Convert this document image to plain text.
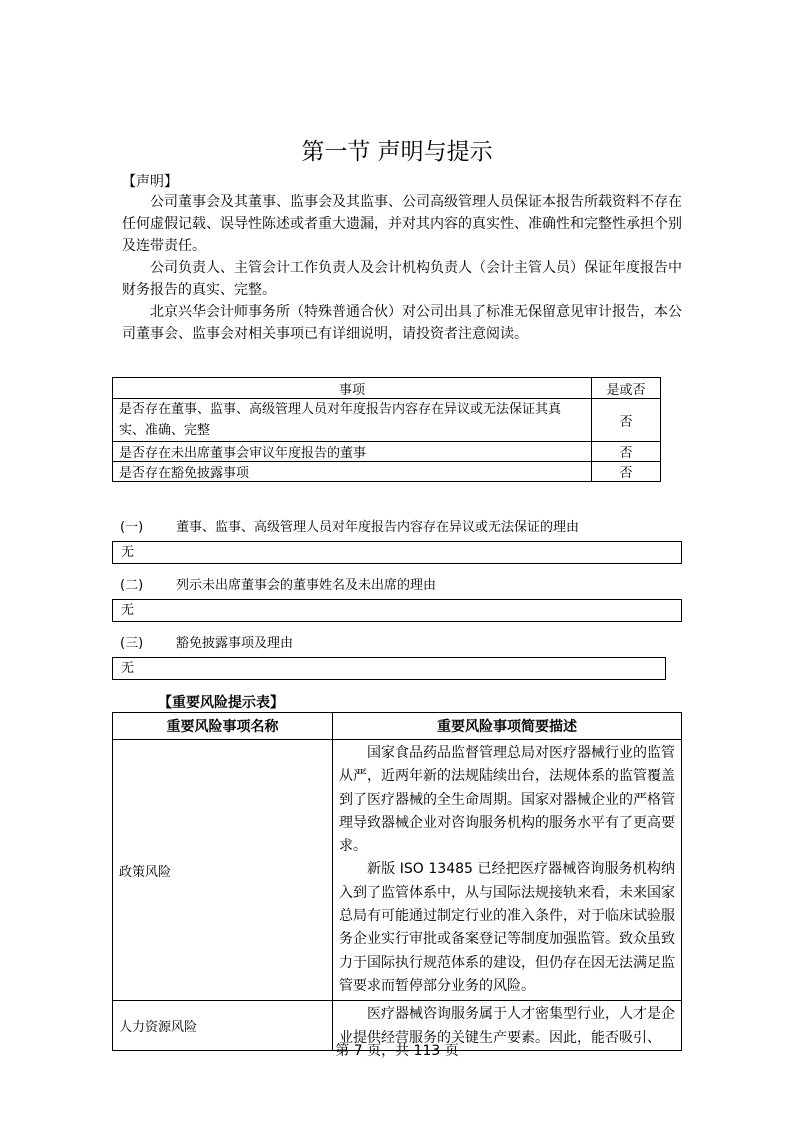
第一节 声明与提示
【声明】

公司董事会及其董事、监事会及其监事、公司高级管理人员保证本报告所载资料不存在任何虚假记载、误导性陈述或者重大遗漏，并对其内容的真实性、准确性和完整性承担个别及连带责任。

公司负责人、主管会计工作负责人及会计机构负责人（会计主管人员）保证年度报告中财务报告的真实、完整。

北京兴华会计师事务所（特殊普通合伙）对公司出具了标准无保留意见审计报告，本公司董事会、监事会对相关事项已有详细说明，请投资者注意阅读。

事项	是或否
是否存在董事、监事、高级管理人员对年度报告内容存在异议或无法保证其真实、准确、完整	否
是否存在未出席董事会审议年度报告的董事	否
是否存在豁免披露事项	否
(一)	董事、监事、高级管理人员对年度报告内容存在异议或无法保证的理由
无
(二)	列示未出席董事会的董事姓名及未出席的理由
无
(三)	豁免披露事项及理由
无
【重要风险提示表】
重要风险事项名称	重要风险事项简要描述
政策风险	国家食品药品监督管理总局对医疗器械行业的监管从严，近两年新的法规陆续出台，法规体系的监管覆盖到了医疗器械的全生命周期。国家对器械企业的严格管理导致器械企业对咨询服务机构的服务水平有了更高要求。

新版 ISO 13485 已经把医疗器械咨询服务机构纳入到了监管体系中，从与国际法规接轨来看，未来国家总局有可能通过制定行业的准入条件，对于临床试验服务企业实行审批或备案登记等制度加强监管。致众虽致力于国际执行规范体系的建设，但仍存在因无法满足监管要求而暂停部分业务的风险。

人力资源风险	医疗器械咨询服务属于人才密集型行业，人才是企业提供经营服务的关键生产要素。因此，能否吸引、

第 7 页，共 113 页
